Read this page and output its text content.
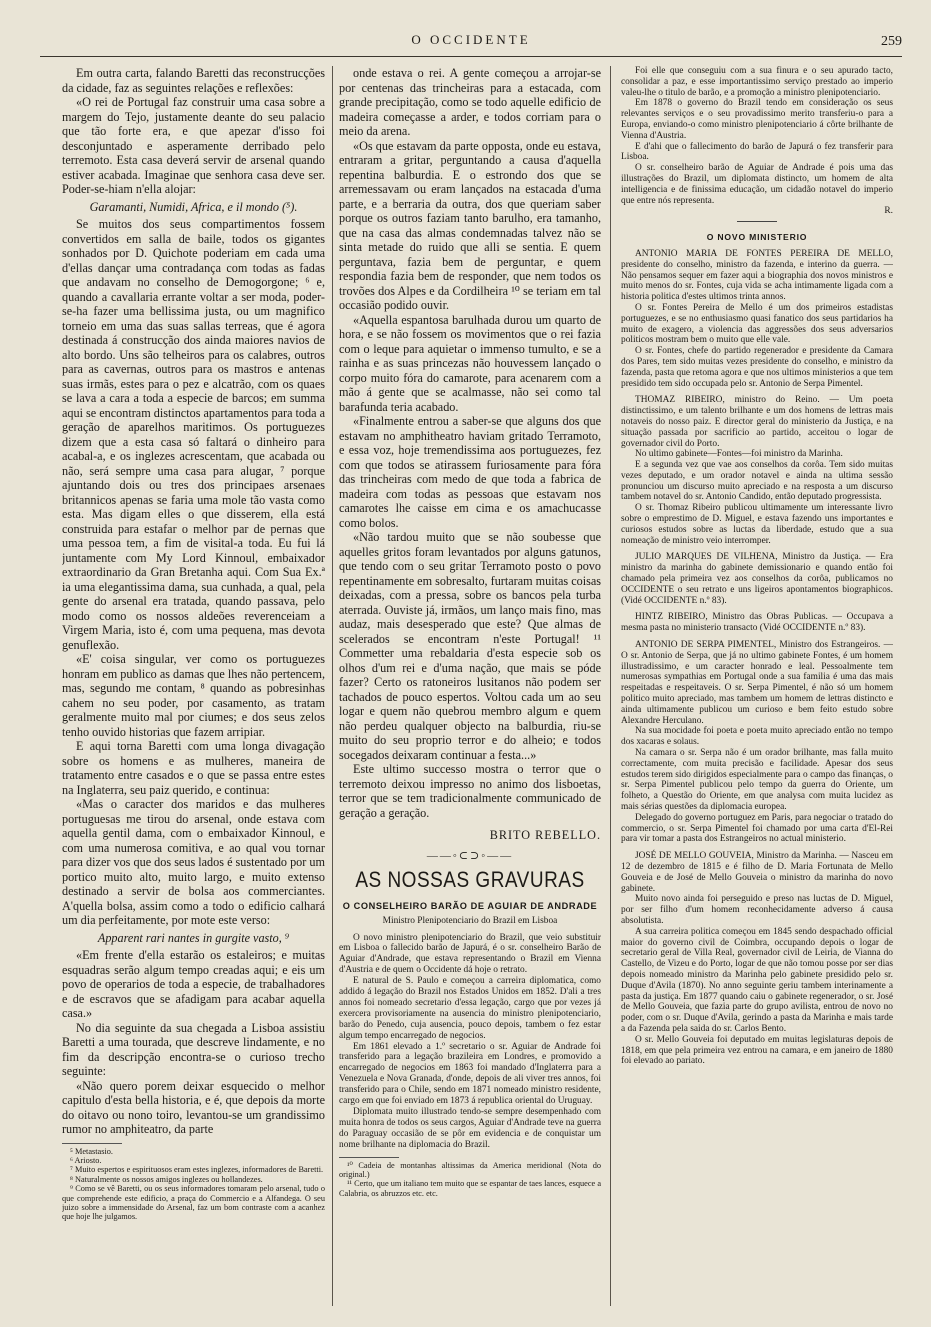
O OCCIDENTE	259

Em outra carta, falando Baretti das reconstrucções da cidade, faz as seguintes relações e reflexões:

«O rei de Portugal faz construir uma casa sobre a margem do Tejo, justamente deante do seu palacio que tão forte era, e que apezar d'isso foi desconjuntado e asperamente derribado pelo terremoto. Esta casa deverá servir de arsenal quando estiver acabada. Imaginae que senhora casa deve ser. Poder-se-hiam n'ella alojar:

Garamanti, Numidi, Africa, e il mondo (⁵).

Se muitos dos seus compartimentos fossem convertidos em salla de baile, todos os gigantes sonhados por D. Quichote poderiam em cada uma d'ellas dançar uma contradança com todas as fadas que andavam no conselho de Demogorgone; ⁶ e, quando a cavallaria errante voltar a ser moda, poder-se-ha fazer uma bellissima justa, ou um magnifico torneio em uma das suas sallas terreas, que é agora destinada á construcção dos ainda maiores navios de alto bordo. Uns são telheiros para os calabres, outros para as cavernas, outros para os mastros e antenas suas irmãs, estes para o pez e alcatrão, com os quaes se lava a cara a toda a especie de barcos; em summa aqui se encontram distinctos apartamentos para toda a geração de aparelhos maritimos. Os portuguezes dizem que a esta casa só faltará o dinheiro para acabal-a, e os inglezes acrescentam, que acabada ou não, será sempre uma casa para alugar, ⁷ porque ajuntando dois ou tres dos principaes arsenaes britannicos apenas se faria uma mole tão vasta como esta. Mas digam elles o que disserem, ella está construida para estafar o melhor par de pernas que uma pessoa tem, a fim de visital-a toda. Eu fui lá juntamente com My Lord Kinnoul, embaixador extraordinario da Gran Bretanha aqui. Com Sua Ex.ª ia uma elegantissima dama, sua cunhada, a qual, pela gente do arsenal era tratada, quando passava, pelo modo como os nossos aldeões reverenceiam a Virgem Maria, isto é, com uma pequena, mas devota genuflexão.

«E' coisa singular, ver como os portuguezes honram em publico as damas que lhes não pertencem, mas, segundo me contam, ⁸ quando as pobresinhas cahem no seu poder, por casamento, as tratam geralmente muito mal por ciumes; e dos seus zelos tenho ouvido historias que fazem arripiar.

E aqui torna Baretti com uma longa divagação sobre os homens e as mulheres, maneira de tratamento entre casados e o que se passa entre estes na Inglaterra, seu paiz querido, e continua:

«Mas o caracter dos maridos e das mulheres portuguesas me tirou do arsenal, onde estava com aquella gentil dama, com o embaixador Kinnoul, e com uma numerosa comitiva, e ao qual vou tornar para dizer vos que dos seus lados é sustentado por um portico muito alto, muito largo, e muito extenso destinado a servir de bolsa aos commerciantes. A'quella bolsa, assim como a todo o edificio calhará um dia perfeitamente, por mote este verso:

Apparent rari nantes in gurgite vasto, ⁹

«Em frente d'ella estarão os estaleiros; e muitas esquadras serão algum tempo creadas aqui; e eis um povo de operarios de toda a especie, de trabalhadores e de escravos que se afadigam para acabar aquella casa.»

No dia seguinte da sua chegada a Lisboa assistiu Baretti a uma tourada, que descreve lindamente, e no fim da descripção encontra-se o curioso trecho seguinte:

«Não quero porem deixar esquecido o melhor capitulo d'esta bella historia, e é, que depois da morte do oitavo ou nono toiro, levantou-se um grandissimo rumor no amphiteatro, da parte

⁵ Metastasio.

⁶ Ariosto.

⁷ Muito espertos e espirituosos eram estes inglezes, informadores de Baretti.

⁸ Naturalmente os nossos amigos inglezes ou hollandezes.

⁹ Como se vê Baretti, ou os seus informadores tomaram pelo arsenal, tudo o que comprehende este edificio, a praça do Commercio e a Alfandega. O seu juizo sobre a immensidade do Arsenal, faz um bom contraste com a acanhez que hoje lhe julgamos.

onde estava o rei. A gente começou a arrojar-se por centenas das trincheiras para a estacada, com grande precipitação, como se todo aquelle edificio de madeira começasse a arder, e todos corriam para o meio da arena.

«Os que estavam da parte opposta, onde eu estava, entraram a gritar, perguntando a causa d'aquella repentina balburdia. E o estrondo dos que se arremessavam ou eram lançados na estacada d'uma parte, e a berraria da outra, dos que queriam saber porque os outros faziam tanto barulho, era tamanho, que na casa das almas condemnadas talvez não se sinta metade do ruido que alli se sentia. E quem perguntava, fazia bem de perguntar, e quem respondia fazia bem de responder, que nem todos os trovões dos Alpes e da Cordilheira ¹⁰ se teriam em tal occasião podido ouvir.

«Aquella espantosa barulhada durou um quarto de hora, e se não fossem os movimentos que o rei fazia com o leque para aquietar o immenso tumulto, e se a rainha e as suas princezas não houvessem lançado o corpo muito fóra do camarote, para acenarem com a mão á gente que se acalmasse, não sei como tal barafunda teria acabado.

«Finalmente entrou a saber-se que alguns dos que estavam no amphitheatro haviam gritado Terramoto, e essa voz, hoje tremendissima aos portuguezes, fez com que todos se atirassem furiosamente para fóra das trincheiras com medo de que toda a fabrica de madeira com todas as pessoas que estavam nos camarotes lhe caisse em cima e os amachucasse como bolos.

«Não tardou muito que se não soubesse que aquelles gritos foram levantados por alguns gatunos, que tendo com o seu gritar Terramoto posto o povo repentinamente em sobresalto, furtaram muitas coisas deixadas, com a pressa, sobre os bancos pela turba aterrada. Ouviste já, irmãos, um lanço mais fino, mas audaz, mais desesperado que este? Que almas de scelerados se encontram n'este Portugal! ¹¹ Commetter uma rebaldaria d'esta especie sob os olhos d'um rei e d'uma nação, que mais se póde fazer? Certo os ratoneiros lusitanos não podem ser tachados de pouco espertos. Voltou cada um ao seu logar e quem não quebrou membro algum e quem não perdeu qualquer objecto na balburdia, riu-se muito do seu proprio terror e do alheio; e todos socegados deixaram continuar a festa...»

Este ultimo successo mostra o terror que o terremoto deixou impresso no animo dos lisboetas, terror que se tem tradicionalmente communicado de geração a geração.

BRITO REBELLO.

——◦⊂⊃◦——

AS NOSSAS GRAVURAS

O CONSELHEIRO BARÃO DE AGUIAR DE ANDRADE

Ministro Plenipotenciario do Brazil em Lisboa

O novo ministro plenipotenciario do Brazil, que veio substituir em Lisboa o fallecido barão de Japurá, é o sr. conselheiro Barão de Aguiar d'Andrade, que estava representando o Brazil em Vienna d'Austria e de quem o Occidente dá hoje o retrato.

E natural de S. Paulo e começou a carreira diplomatica, como addido á legação do Brazil nos Estados Unidos em 1852. D'ali a tres annos foi nomeado secretario d'essa legação, cargo que por vezes já exercera provisoriamente na ausencia do ministro plenipotenciario, barão do Penedo, cuja ausencia, pouco depois, tambem o fez estar algum tempo encarregado de negocios.

Em 1861 elevado a 1.º secretario o sr. Aguiar de Andrade foi transferido para a legação brazileira em Londres, e promovido a encarregado de negocios em 1863 foi mandado d'Inglaterra para a Venezuela e Nova Granada, d'onde, depois de ali viver tres annos, foi transferido para o Chile, sendo em 1871 nomeado ministro residente, cargo em que foi enviado em 1873 á republica oriental do Uruguay.

Diplomata muito illustrado tendo-se sempre desempenhado com muita honra de todos os seus cargos, Aguiar d'Andrade teve na guerra do Paraguay occasião de se pôr em evidencia e de conquistar um nome brilhante na diplomacia do Brazil.

¹⁰ Cadeia de montanhas altissimas da America meridional (Nota do original.)

¹¹ Certo, que um italiano tem muito que se espantar de taes lances, esquece a Calabria, os abruzzos etc. etc.

Foi elle que conseguiu com a sua finura e o seu apurado tacto, consolidar a paz, e esse importantissimo serviço prestado ao imperio valeu-lhe o titulo de barão, e a promoção a ministro plenipotenciario.

Em 1878 o governo do Brazil tendo em consideração os seus relevantes serviços e o seu provadissimo merito transferiu-o para a Europa, enviando-o como ministro plenipotenciario á côrte brilhante de Vienna d'Austria.

E d'ahi que o fallecimento do barão de Japurá o fez transferir para Lisboa.

O sr. conselheiro barão de Aguiar de Andrade é pois uma das illustrações do Brazil, um diplomata distincto, um homem de alta intelligencia e de finissima educação, um cidadão notavel do imperio que entre nós representa.

R.

O NOVO MINISTERIO

ANTONIO MARIA DE FONTES PEREIRA DE MELLO, presidente do conselho, ministro da fazenda, e interino da guerra. — Não pensamos sequer em fazer aqui a biographia dos novos ministros e muito menos do sr. Fontes, cuja vida se acha intimamente ligada com a historia politica d'estes ultimos trinta annos.

O sr. Fontes Pereira de Mello é um dos primeiros estadistas portuguezes, e se no enthusiasmo quasi fanatico dos seus partidarios ha muito de exagero, a violencia das aggressões dos seus adversarios politicos mostram bem o muito que elle vale.

O sr. Fontes, chefe do partido regenerador e presidente da Camara dos Pares, tem sido muitas vezes presidente do conselho, e ministro da fazenda, pasta que retoma agora e que nos ultimos ministerios a que tem presidido tem sido occupada pelo sr. Antonio de Serpa Pimentel.

THOMAZ RIBEIRO, ministro do Reino. — Um poeta distinctissimo, e um talento brilhante e um dos homens de lettras mais notaveis do nosso paiz. E director geral do ministerio da Justiça, e na situação passada por sacrificio ao partido, acceitou o logar de governador civil do Porto.

No ultimo gabinete—Fontes—foi ministro da Marinha.

E a segunda vez que vae aos conselhos da corôa. Tem sido muitas vezes deputado, e um orador notavel e ainda na ultima sessão pronunciou um discurso muito apreciado e na resposta a um discurso tambem notavel do sr. Antonio Candido, então deputado progressista.

O sr. Thomaz Ribeiro publicou ultimamente um interessante livro sobre o emprestimo de D. Miguel, e estava fazendo uns importantes e curiosos estudos sobre as luctas da liberdade, estudo que a sua nomeação de ministro veio interromper.

JULIO MARQUES DE VILHENA, Ministro da Justiça. — Era ministro da marinha do gabinete demissionario e quando então foi chamado pela primeira vez aos conselhos da corôa, publicamos no OCCIDENTE o seu retrato e uns ligeiros apontamentos biographicos. (Vidé OCCIDENTE n.º 83).

HINTZ RIBEIRO, Ministro das Obras Publicas. — Occupava a mesma pasta no ministerio transacto (Vidé OCCIDENTE n.º 83).

ANTONIO DE SERPA PIMENTEL, Ministro dos Estrangeiros. — O sr. Antonio de Serpa, que já no ultimo gabinete Fontes, é um homem illustradissimo, e um caracter honrado e leal. Pessoalmente tem numerosas sympathias em Portugal onde a sua familia é uma das mais respeitadas e respeitaveis. O sr. Serpa Pimentel, é não só um homem politico muito apreciado, mas tambem um homem de lettras distincto e ainda ultimamente publicou um curioso e bem feito estudo sobre Alexandre Herculano.

Na sua mocidade foi poeta e poeta muito apreciado então no tempo dos xacaras e solaus.

Na camara o sr. Serpa não é um orador brilhante, mas falla muito correctamente, com muita precisão e facilidade. Apesar dos seus estudos terem sido dirigidos especialmente para o campo das finanças, o sr. Serpa Pimentel publicou pelo tempo da guerra do Oriente, um folheto, a Questão do Oriente, em que analysa com muita lucidez as mais sérias questões da diplomacia europea.

Delegado do governo portuguez em Paris, para negociar o tratado do commercio, o sr. Serpa Pimentel foi chamado por uma carta d'El-Rei para vir tomar a pasta dos Estrangeiros no actual ministerio.

JOSÉ DE MELLO GOUVEIA, Ministro da Marinha. — Nasceu em 12 de dezembro de 1815 e é filho de D. Maria Fortunata de Mello Gouveia e de José de Mello Gouveia o ministro da marinha do novo gabinete.

Muito novo ainda foi perseguido e preso nas luctas de D. Miguel, por ser filho d'um homem reconhecidamente adverso á causa absolutista.

A sua carreira politica começou em 1845 sendo despachado official maior do governo civil de Coimbra, occupando depois o logar de secretario geral de Villa Real, governador civil de Leiria, de Vianna do Castello, de Vizeu e do Porto, logar de que não tomou posse por ser dias depois nomeado ministro da Marinha pelo gabinete presidido pelo sr. Duque d'Avila (1870). No anno seguinte geriu tambem interinamente a pasta da justiça. Em 1877 quando caiu o gabinete regenerador, o sr. José de Mello Gouveia, que fazia parte do grupo avilista, entrou de novo no poder, com o sr. Duque d'Avila, gerindo a pasta da Marinha e mais tarde a da Fazenda pela saida do sr. Carlos Bento.

O sr. Mello Gouveia foi deputado em muitas legislaturas depois de 1818, em que pela primeira vez entrou na camara, e em janeiro de 1880 foi elevado ao pariato.
